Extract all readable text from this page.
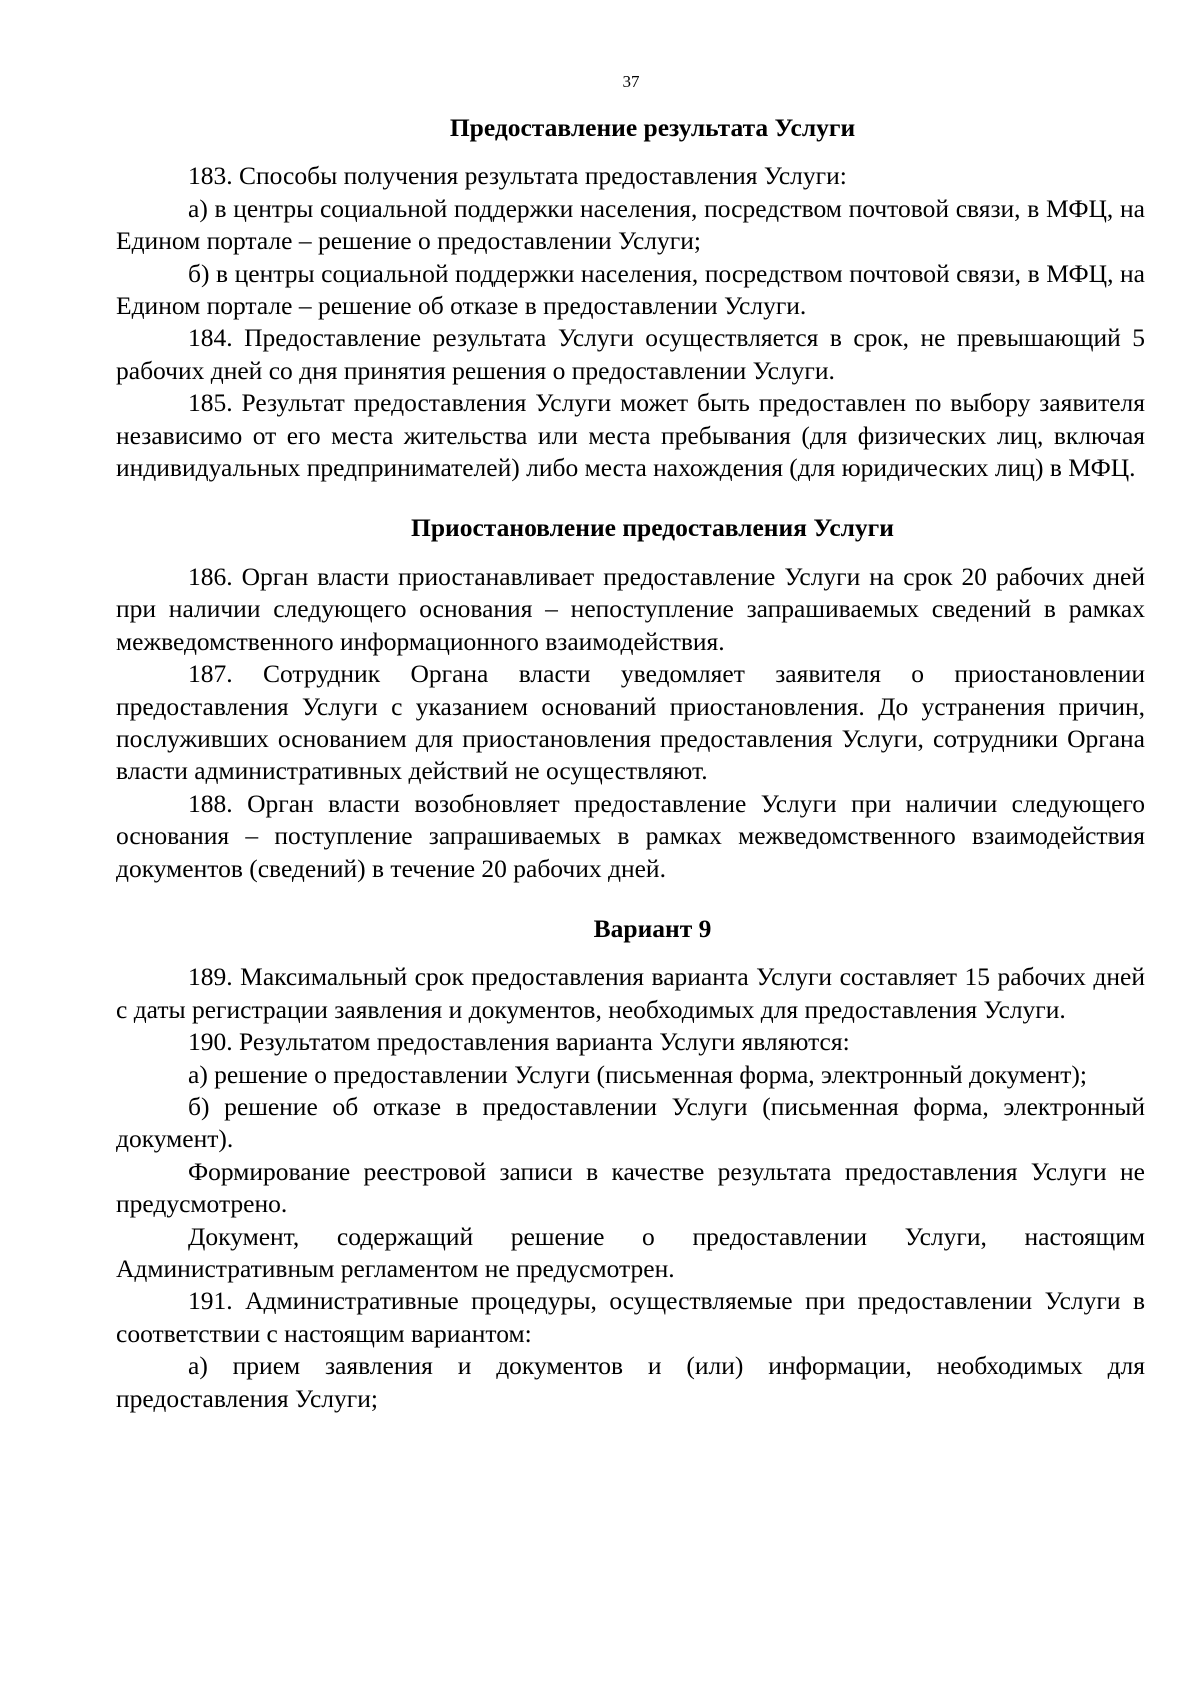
37

Предоставление результата Услуги

183. Способы получения результата предоставления Услуги:

а) в центры социальной поддержки населения, посредством почтовой связи, в МФЦ, на Едином портале – решение о предоставлении Услуги;

б) в центры социальной поддержки населения, посредством почтовой связи, в МФЦ, на Едином портале – решение об отказе в предоставлении Услуги.

184. Предоставление результата Услуги осуществляется в срок, не превышающий 5 рабочих дней со дня принятия решения о предоставлении Услуги.

185. Результат предоставления Услуги может быть предоставлен по выбору заявителя независимо от его места жительства или места пребывания (для физических лиц, включая индивидуальных предпринимателей) либо места нахождения (для юридических лиц) в МФЦ.

Приостановление предоставления Услуги

186. Орган власти приостанавливает предоставление Услуги на срок 20 рабочих дней при наличии следующего основания – непоступление запрашиваемых сведений в рамках межведомственного информационного взаимодействия.

187. Сотрудник Органа власти уведомляет заявителя о приостановлении предоставления Услуги с указанием оснований приостановления. До устранения причин, послуживших основанием для приостановления предоставления Услуги, сотрудники Органа власти административных действий не осуществляют.

188. Орган власти возобновляет предоставление Услуги при наличии следующего основания – поступление запрашиваемых в рамках межведомственного взаимодействия документов (сведений) в течение 20 рабочих дней.

Вариант 9

189. Максимальный срок предоставления варианта Услуги составляет 15 рабочих дней с даты регистрации заявления и документов, необходимых для предоставления Услуги.

190. Результатом предоставления варианта Услуги являются:

а) решение о предоставлении Услуги (письменная форма, электронный документ);

б) решение об отказе в предоставлении Услуги (письменная форма, электронный документ).

Формирование реестровой записи в качестве результата предоставления Услуги не предусмотрено.

Документ, содержащий решение о предоставлении Услуги, настоящим Административным регламентом не предусмотрен.

191. Административные процедуры, осуществляемые при предоставлении Услуги в соответствии с настоящим вариантом:

а) прием заявления и документов и (или) информации, необходимых для предоставления Услуги;
